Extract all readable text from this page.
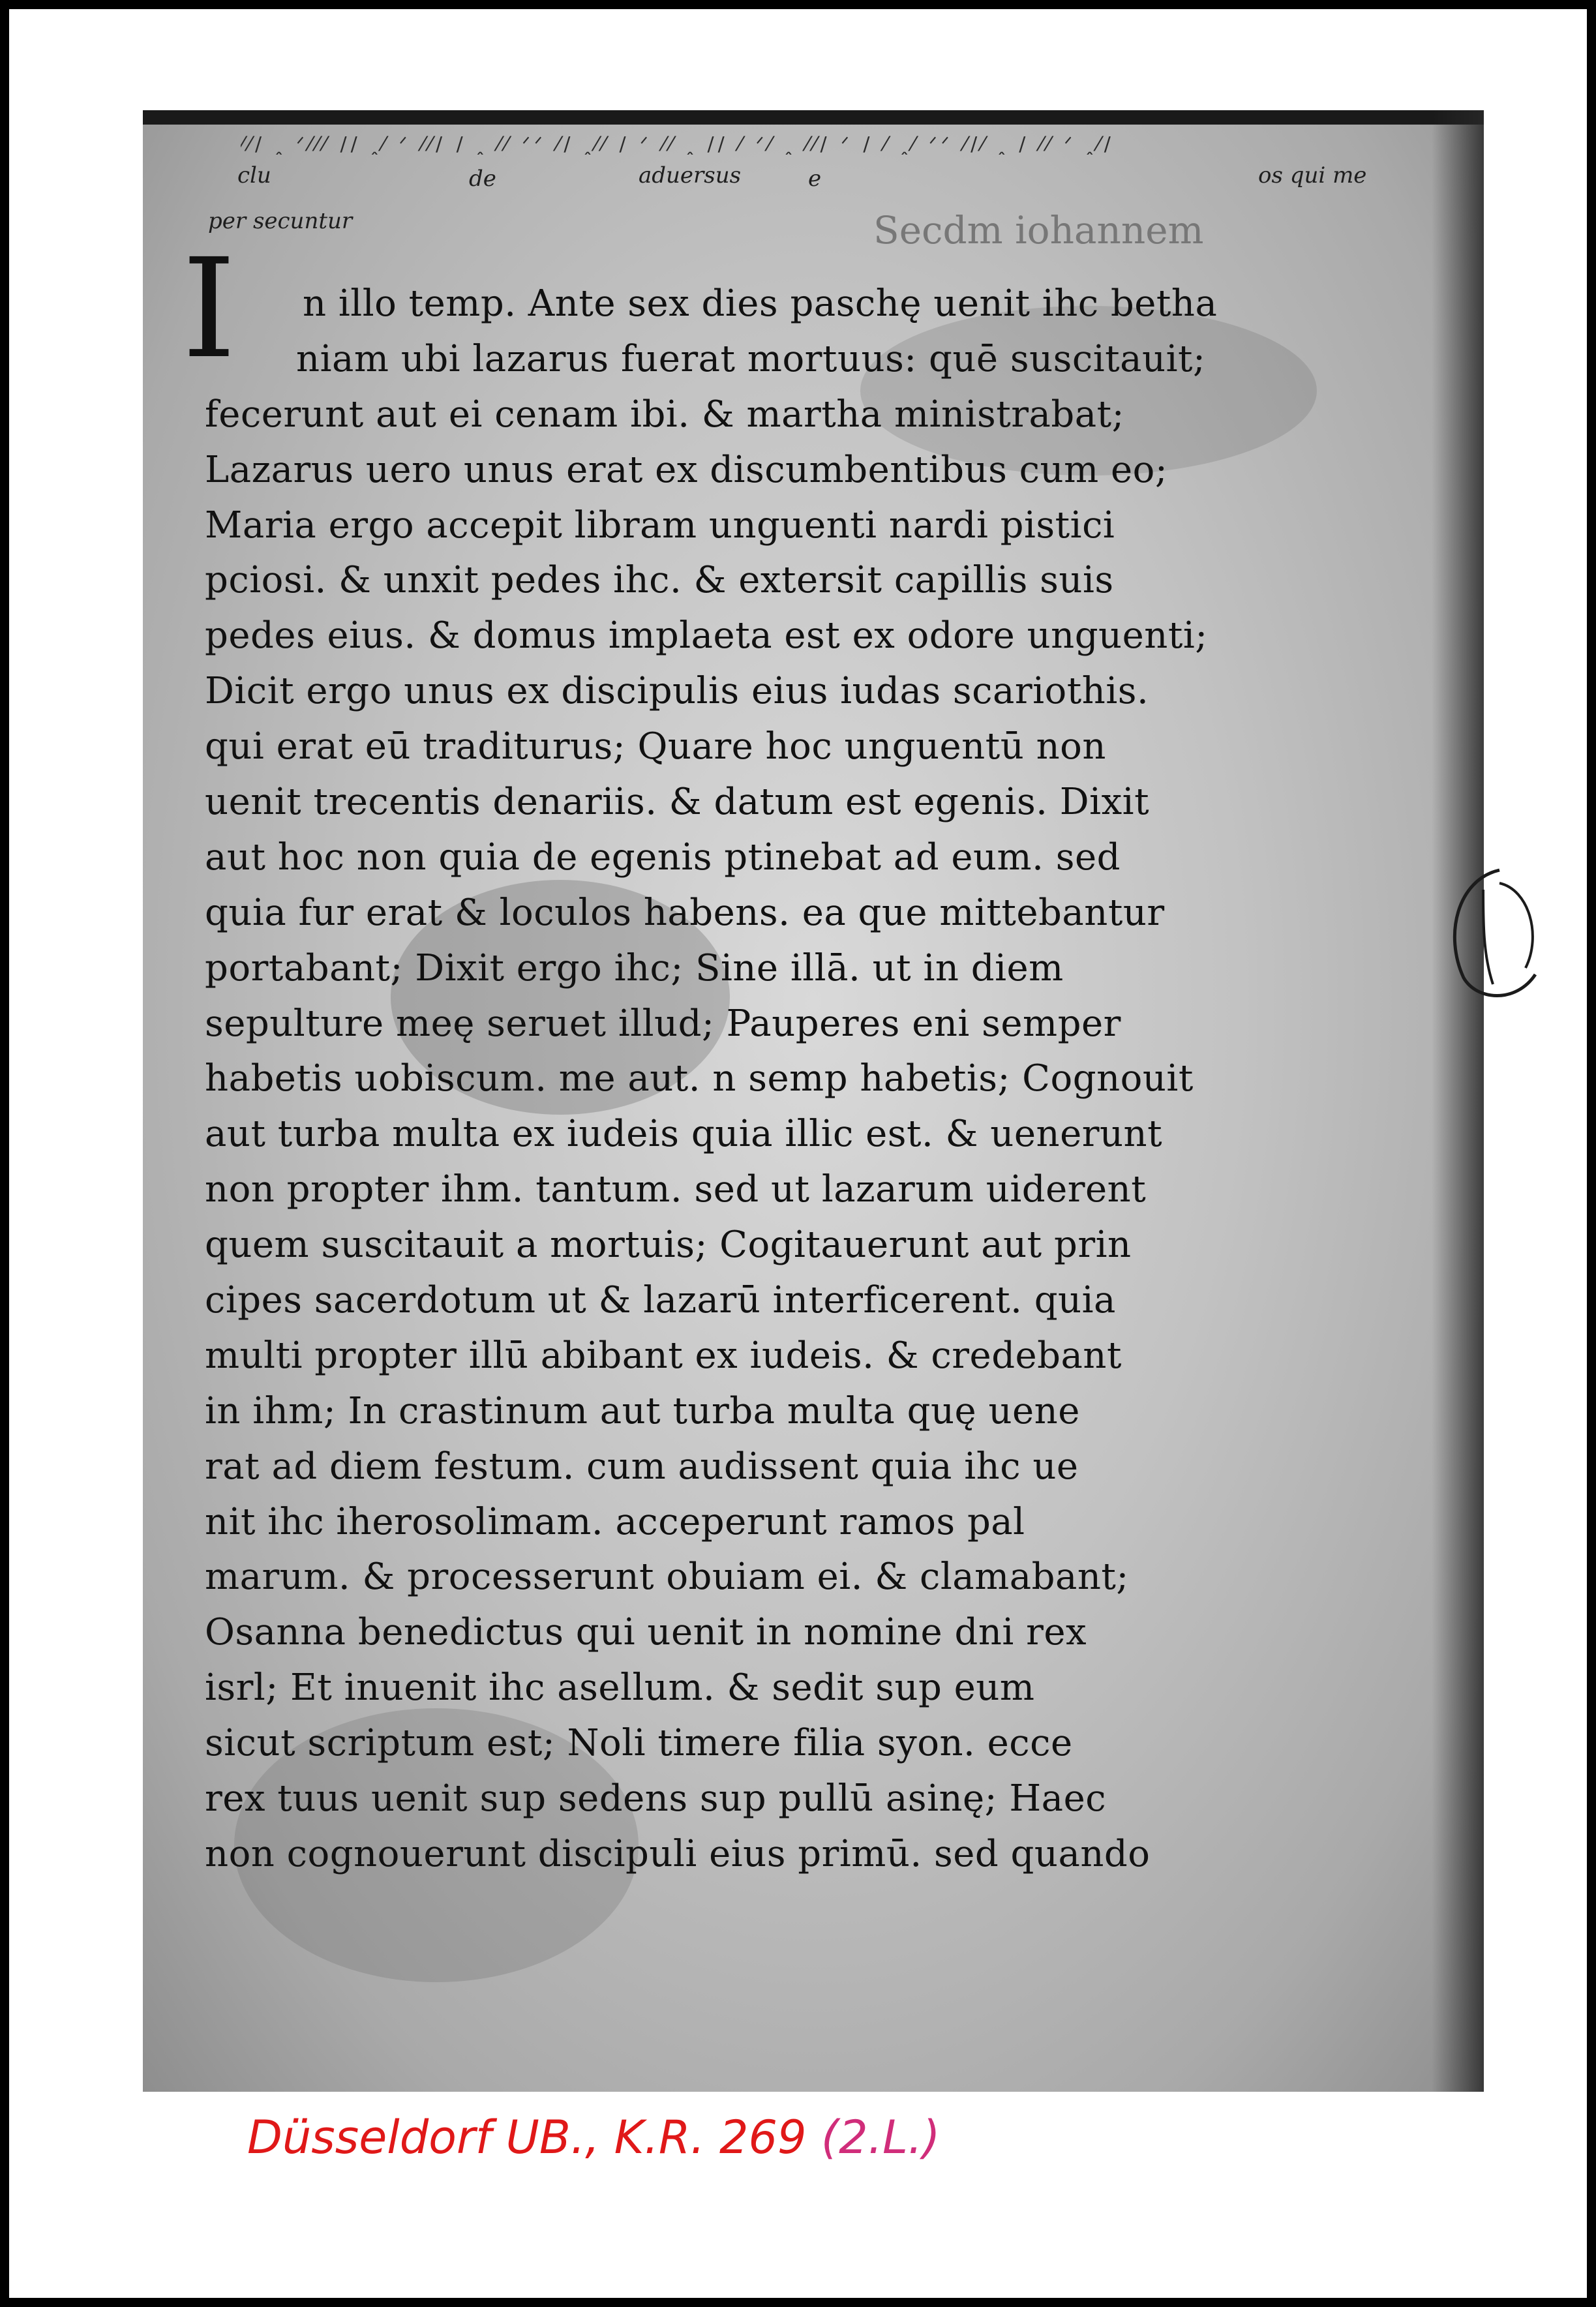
⁄⁄∕ ꞈ ᐟ⁄⁄⁄ ∕∕ ꞈ⁄ ᐟ ⁄⁄∕ ∕ ꞈ ⁄⁄ ᐟᐟ ⁄∕ ꞈ⁄⁄ ∕ ᐟ ⁄⁄ ꞈ ∕∕ ⁄ ᐟ⁄ ꞈ ⁄⁄∕ ᐟ ∕ ⁄ ꞈ⁄ ᐟᐟ ⁄∕⁄ ꞈ ∕ ⁄⁄ ᐟ ꞈ⁄∕
clu	de	aduersus	e	os qui me
per secuntur	Secdm iohannem
I	n illo temp. Ante sex dies paschę uenit ihc betha
niam ubi lazarus fuerat mortuus: quē suscitauit;
fecerunt aut ei cenam ibi. & martha ministrabat;
Lazarus uero unus erat ex discumbentibus cum eo;
Maria ergo accepit libram unguenti nardi pistici
pciosi. & unxit pedes ihc. & extersit capillis suis
pedes eius. & domus implaeta est ex odore unguenti;
Dicit ergo unus ex discipulis eius iudas scariothis.
qui erat eū traditurus; Quare hoc unguentū non
uenit trecentis denariis. & datum est egenis. Dixit
aut hoc non quia de egenis ptinebat ad eum. sed
quia fur erat & loculos habens. ea que mittebantur
portabant; Dixit ergo ihc; Sine illā. ut in diem
sepulture meę seruet illud; Pauperes eni semper
habetis uobiscum. me aut. n semp habetis; Cognouit
aut turba multa ex iudeis quia illic est. & uenerunt
non propter ihm. tantum. sed ut lazarum uiderent
quem suscitauit a mortuis; Cogitauerunt aut prin
cipes sacerdotum ut & lazarū interficerent. quia
multi propter illū abibant ex iudeis. & credebant
in ihm; In crastinum aut turba multa quę uene
rat ad diem festum. cum audissent quia ihc ue
nit ihc iherosolimam. acceperunt ramos pal
marum. & processerunt obuiam ei. & clamabant;
Osanna benedictus qui uenit in nomine dni rex
isrl; Et inuenit ihc asellum. & sedit sup eum
sicut scriptum est; Noli timere filia syon. ecce
rex tuus uenit sup sedens sup pullū asinę; Haec
non cognouerunt discipuli eius primū. sed quando
Düsseldorf UB., K.R. 269 (2.L.)
